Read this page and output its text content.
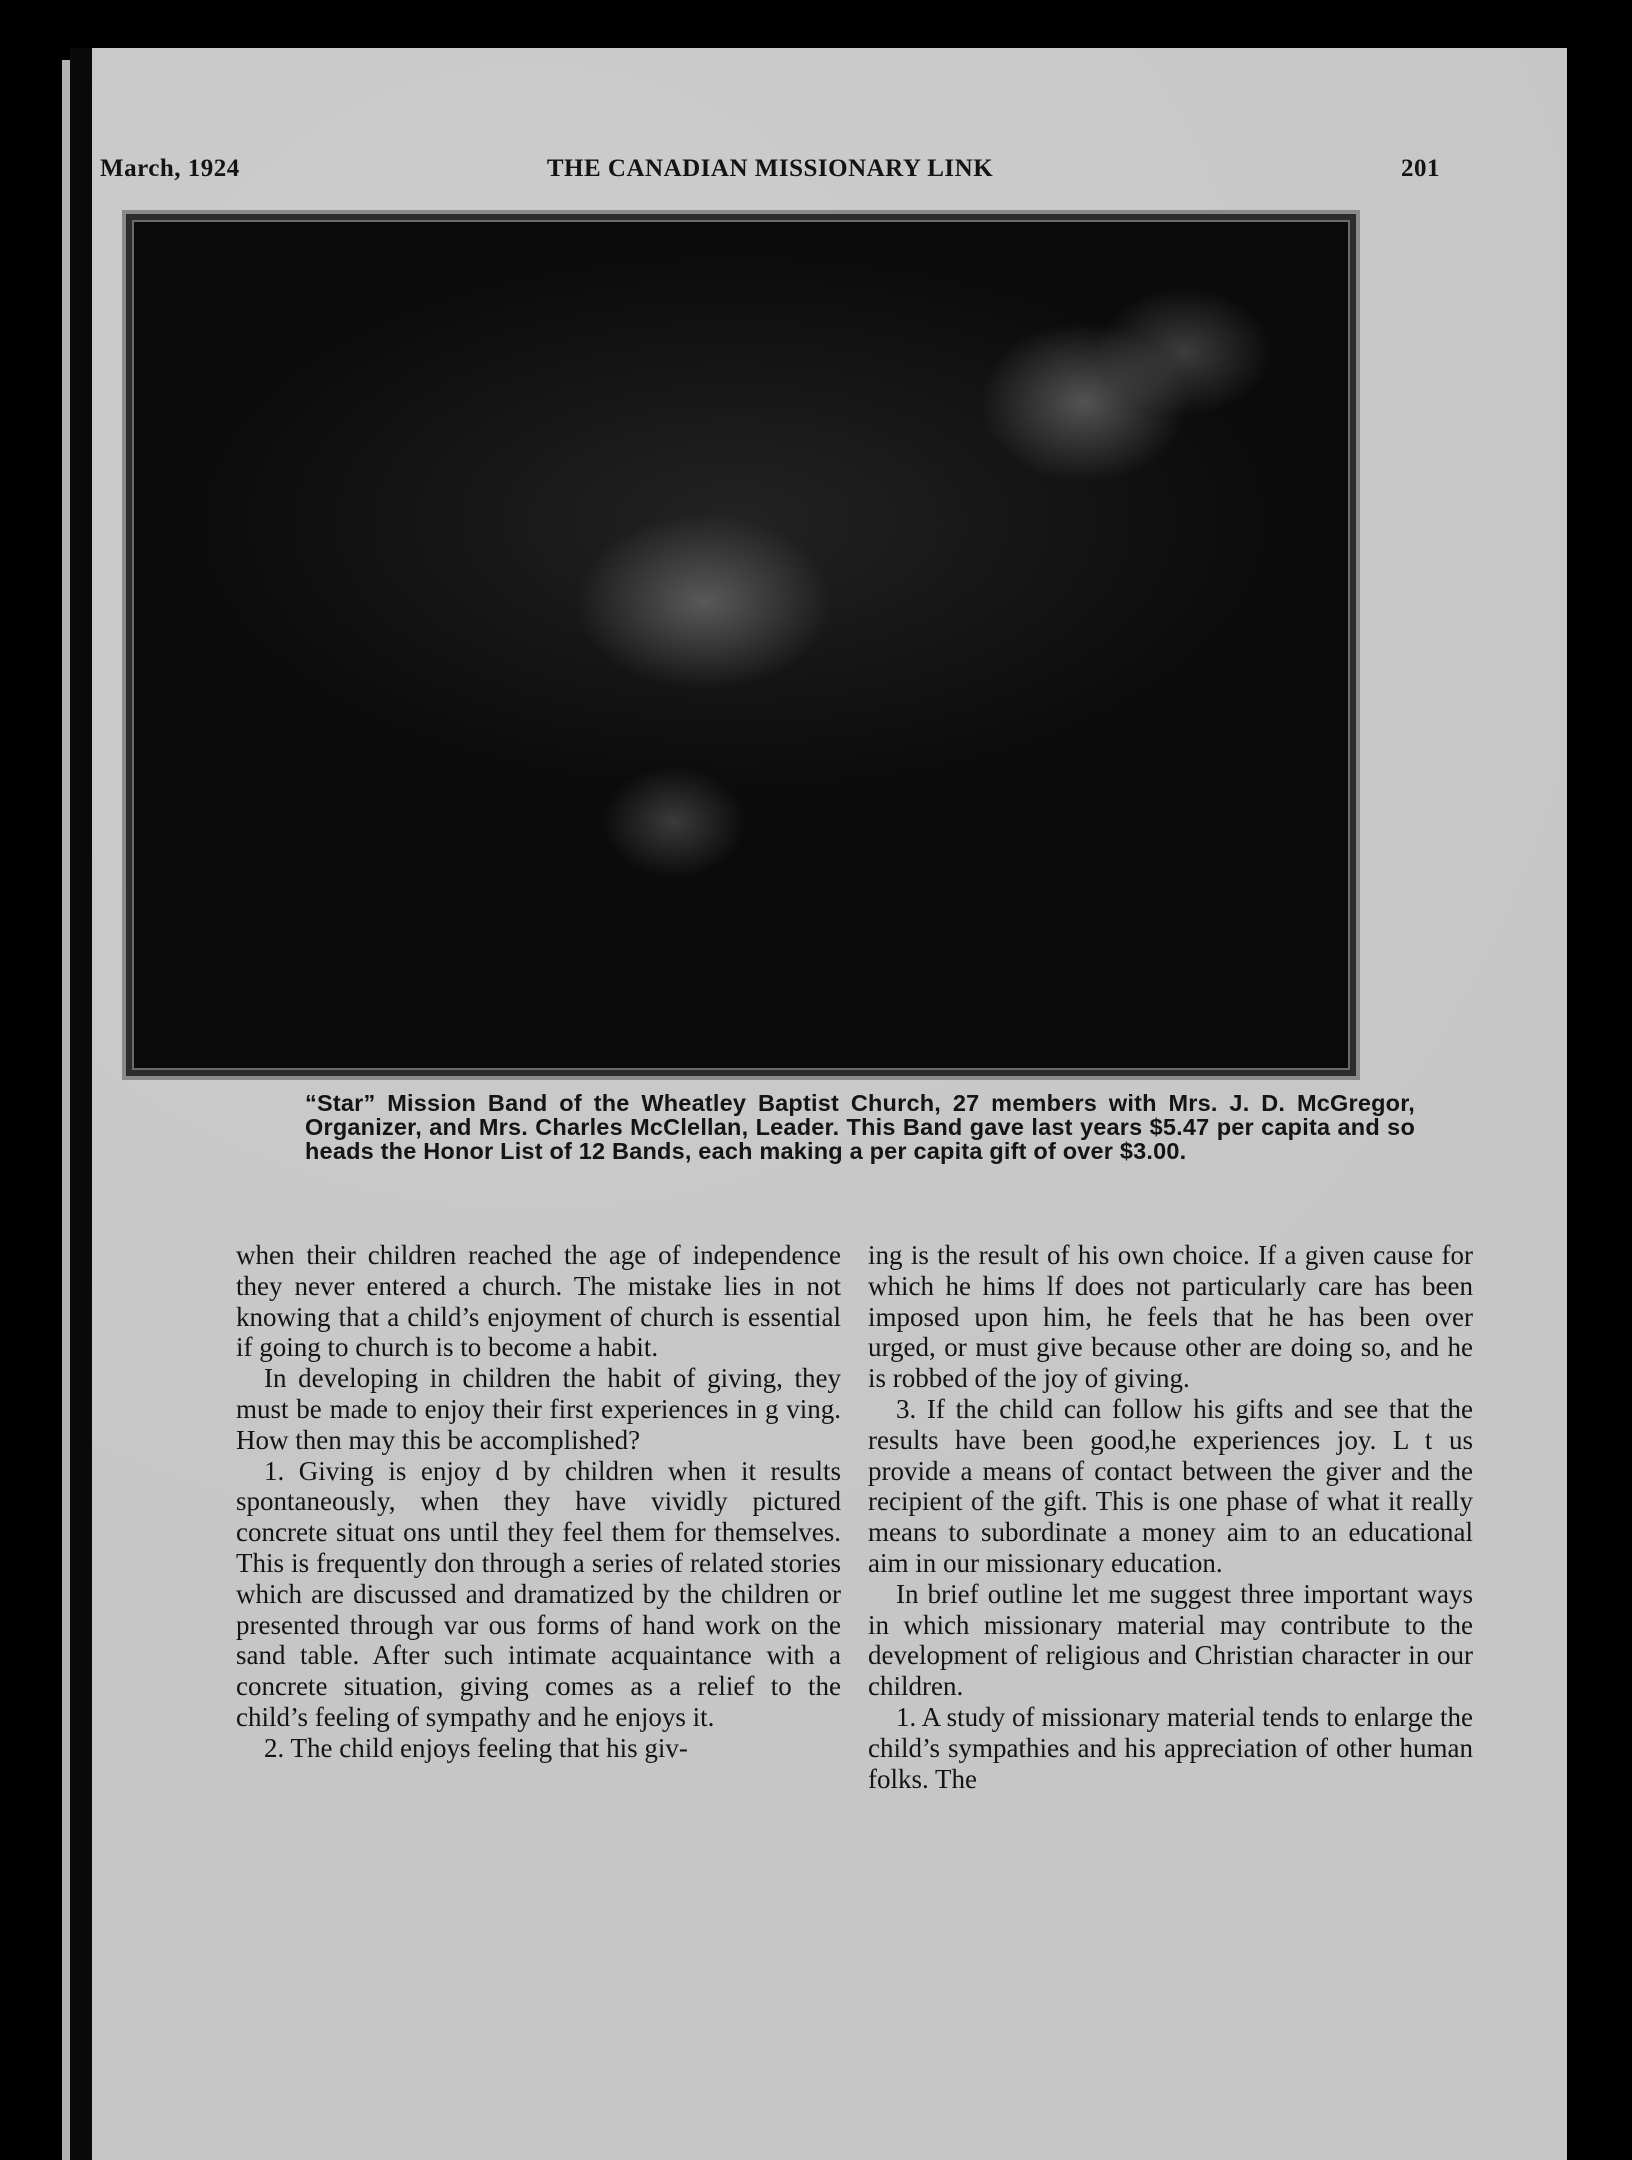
March, 1924	THE CANADIAN MISSIONARY LINK	201
“Star” Mission Band of the Wheatley Baptist Church, 27 members with Mrs. J. D. McGregor, Organizer, and Mrs. Charles McClellan, Leader. This Band gave last years $5.47 per capita and so heads the Honor List of 12 Bands, each making a per capita gift of over $3.00.

when their children reached the age of independence they never entered a church. The mistake lies in not knowing that a child’s enjoyment of church is essential if going to church is to become a habit.

In developing in children the habit of giving, they must be made to enjoy their first experiences in g ving. How then may this be accomplished?

1. Giving is enjoy d by children when it results spontaneously, when they have vividly pictured concrete situat ons until they feel them for themselves. This is frequently don through a series of related stories which are discussed and dramatized by the children or presented through var ous forms of hand work on the sand table. After such intimate acquaintance with a concrete situation, giving comes as a relief to the child’s feeling of sympathy and he enjoys it.

2. The child enjoys feeling that his giv-

ing is the result of his own choice. If a given cause for which he hims lf does not particularly care has been imposed upon him, he feels that he has been over urged, or must give because other are doing so, and he is robbed of the joy of giving.

3. If the child can follow his gifts and see that the results have been good,he experiences joy. L t us provide a means of contact between the giver and the recipient of the gift. This is one phase of what it really means to subordinate a money aim to an educational aim in our missionary education.

In brief outline let me suggest three important ways in which missionary material may contribute to the development of religious and Christian character in our children.

1. A study of missionary material tends to enlarge the child’s sympathies and his appreciation of other human folks. The
